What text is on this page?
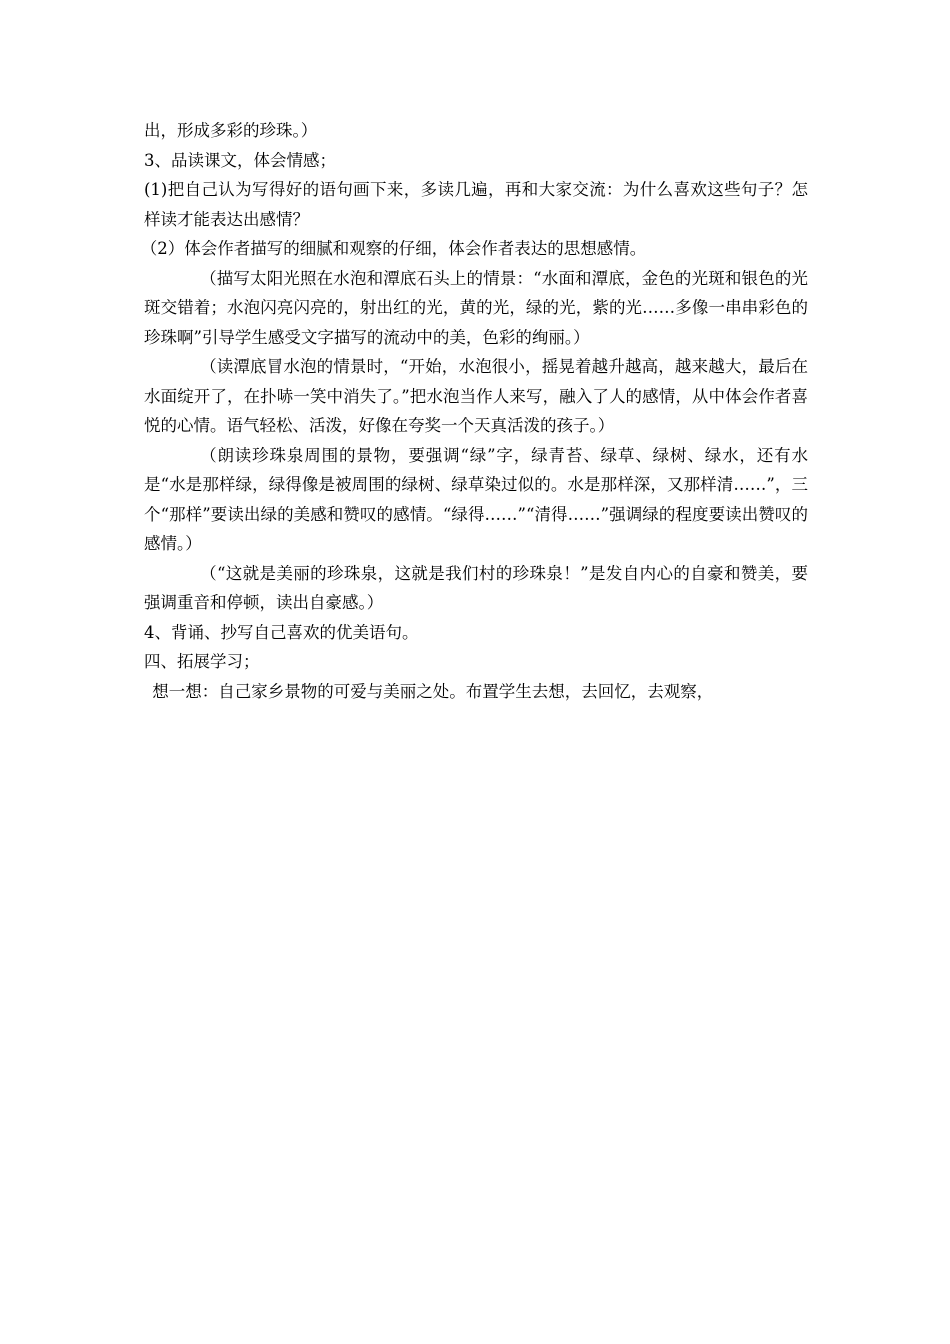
出，形成多彩的珍珠。）

3、品读课文，体会情感；

(1)把自己认为写得好的语句画下来，多读几遍，再和大家交流：为什么喜欢这些句子？怎样读才能表达出感情？

（2）体会作者描写的细腻和观察的仔细，体会作者表达的思想感情。

（描写太阳光照在水泡和潭底石头上的情景：“水面和潭底，金色的光斑和银色的光斑交错着；水泡闪亮闪亮的，射出红的光，黄的光，绿的光，紫的光……多像一串串彩色的珍珠啊”引导学生感受文字描写的流动中的美，色彩的绚丽。）

（读潭底冒水泡的情景时，“开始，水泡很小，摇晃着越升越高，越来越大，最后在水面绽开了，在扑哧一笑中消失了。”把水泡当作人来写，融入了人的感情，从中体会作者喜悦的心情。语气轻松、活泼，好像在夸奖一个天真活泼的孩子。）

（朗读珍珠泉周围的景物，要强调“绿”字，绿青苔、绿草、绿树、绿水，还有水是“水是那样绿，绿得像是被周围的绿树、绿草染过似的。水是那样深，又那样清……”，三个“那样”要读出绿的美感和赞叹的感情。“绿得……”“清得……”强调绿的程度要读出赞叹的感情。）

（“这就是美丽的珍珠泉，这就是我们村的珍珠泉！”是发自内心的自豪和赞美，要强调重音和停顿，读出自豪感。）

4、背诵、抄写自己喜欢的优美语句。

四、拓展学习；

想一想：自己家乡景物的可爱与美丽之处。布置学生去想，去回忆，去观察，
